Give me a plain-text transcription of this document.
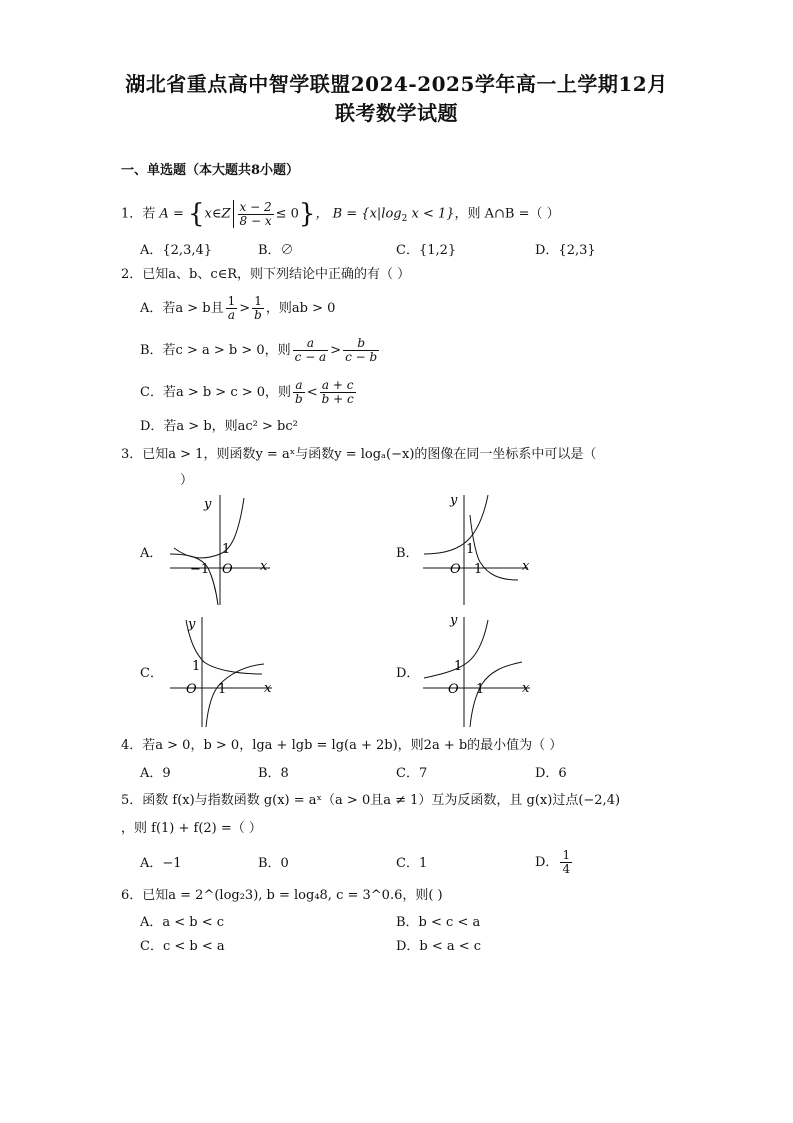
湖北省重点高中智学联盟2024-2025学年高一上学期12月
联考数学试题
一、单选题（本大题共8小题）
1．若 A = {x∈Z $\frac{x - 2}{8 - x} \le 0$}， $B = \{x|\log_2$ x < 1}，则 A∩B =（ ）
A．{2,3,4}	B．∅	C．{1,2}	D．{2,3}
2．已知a、b、c∈R，则下列结论中正确的有（ ）
A．若a > b且 $\frac{1}{a} > \frac{1}{b}$ ，则ab > 0
B．若c > a > b > 0，则 $\frac{a}{c - a} > \frac{b}{c - b}$
C．若a > b > c > 0，则 $\frac{a}{b} < \frac{a + c}{b + c}$
D．若a > b，则ac² > bc²
3．已知a > 1，则函数y = aˣ与函数y = logₐ(−x)的图像在同一坐标系中可以是（
）
A．	B．
C．	D．
y
x
1
−1 O
y
x
1
O 1
y
x
1
O 1
y
x
1
O 1
4．若a > 0，b > 0，lga + lgb = lg(a + 2b)，则2a + b的最小值为（ ）
A．9	B．8	C．7	D．6
5．函数 f(x)与指数函数 g(x) = aˣ（a > 0且a ≠ 1）互为反函数，且 g(x)过点(−2,4)
，则 f(1) + f(2) =（ ）
A．−1	B．0	C．1	D． $\frac{1}{4}$
6．已知a = 2^(log₂3), b = log₄8, c = 3^0.6，则( )
A．a < b < c	B．b < c < a
C．c < b < a	D．b < a < c
